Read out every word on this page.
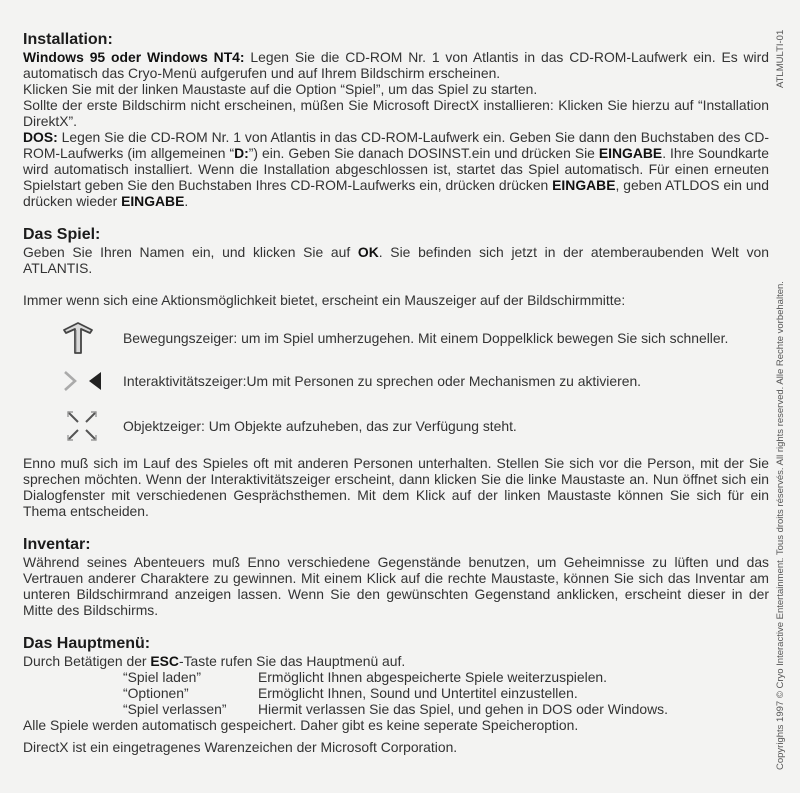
Installation:

Windows 95 oder Windows NT4: Legen Sie die CD-ROM Nr. 1 von Atlantis in das CD-ROM-Laufwerk ein. Es wird automatisch das Cryo-Menü aufgerufen und auf Ihrem Bildschirm erscheinen.

Klicken Sie mit der linken Maustaste auf die Option “Spiel”, um das Spiel zu starten.

Sollte der erste Bildschirm nicht erscheinen, müßen Sie Microsoft DirectX installieren: Klicken Sie hierzu auf “Installation DirektX”.

DOS: Legen Sie die CD-ROM Nr. 1 von Atlantis in das CD-ROM-Laufwerk ein. Geben Sie dann den Buchstaben des CD-ROM-Laufwerks (im allgemeinen “D:”) ein. Geben Sie danach DOSINST.ein und drücken Sie EINGABE. Ihre Soundkarte wird automatisch installiert. Wenn die Installation abgeschlossen ist, startet das Spiel automatisch. Für einen erneuten Spielstart geben Sie den Buchstaben Ihres CD-ROM-Laufwerks ein, drücken drücken EINGABE, geben ATLDOS ein und drücken wieder EINGABE.

Das Spiel:

Geben Sie Ihren Namen ein, und klicken Sie auf OK. Sie befinden sich jetzt in der atemberaubenden Welt von ATLANTIS.

Immer wenn sich eine Aktionsmöglichkeit bietet, erscheint ein Mauszeiger auf der Bildschirmmitte:

Bewegungszeiger: um im Spiel umherzugehen. Mit einem Doppelklick bewegen Sie sich schneller.
Interaktivitätszeiger:Um mit Personen zu sprechen oder Mechanismen zu aktivieren.
Objektzeiger: Um Objekte aufzuheben, das zur Verfügung steht.

Enno muß sich im Lauf des Spieles oft mit anderen Personen unterhalten. Stellen Sie sich vor die Person, mit der Sie sprechen möchten. Wenn der Interaktivitätszeiger erscheint, dann klicken Sie die linke Maustaste an. Nun öffnet sich ein Dialogfenster mit verschiedenen Gesprächsthemen. Mit dem Klick auf der linken Maustaste können Sie sich für ein Thema entscheiden.

Inventar:

Während seines Abenteuers muß Enno verschiedene Gegenstände benutzen, um Geheimnisse zu lüften und das Vertrauen anderer Charaktere zu gewinnen. Mit einem Klick auf die rechte Maustaste, können Sie sich das Inventar am unteren Bildschirmrand anzeigen lassen. Wenn Sie den gewünschten Gegenstand anklicken, erscheint dieser in der Mitte des Bildschirms.

Das Hauptmenü:

Durch Betätigen der ESC-Taste rufen Sie das Hauptmenü auf.

“Spiel laden”	Ermöglicht Ihnen abgespeicherte Spiele weiterzuspielen.
“Optionen”	Ermöglicht Ihnen, Sound und Untertitel einzustellen.
“Spiel verlassen”	Hiermit verlassen Sie das Spiel, und gehen in DOS oder Windows.

Alle Spiele werden automatisch gespeichert. Daher gibt es keine seperate Speicheroption.

DirectX ist ein eingetragenes Warenzeichen der Microsoft Corporation.

ATLMULTI-01
Copyrights 1997 © Cryo Interactive Entertainment. Tous droits réservés. All rights reserved. Alle Rechte vorbehalten.
